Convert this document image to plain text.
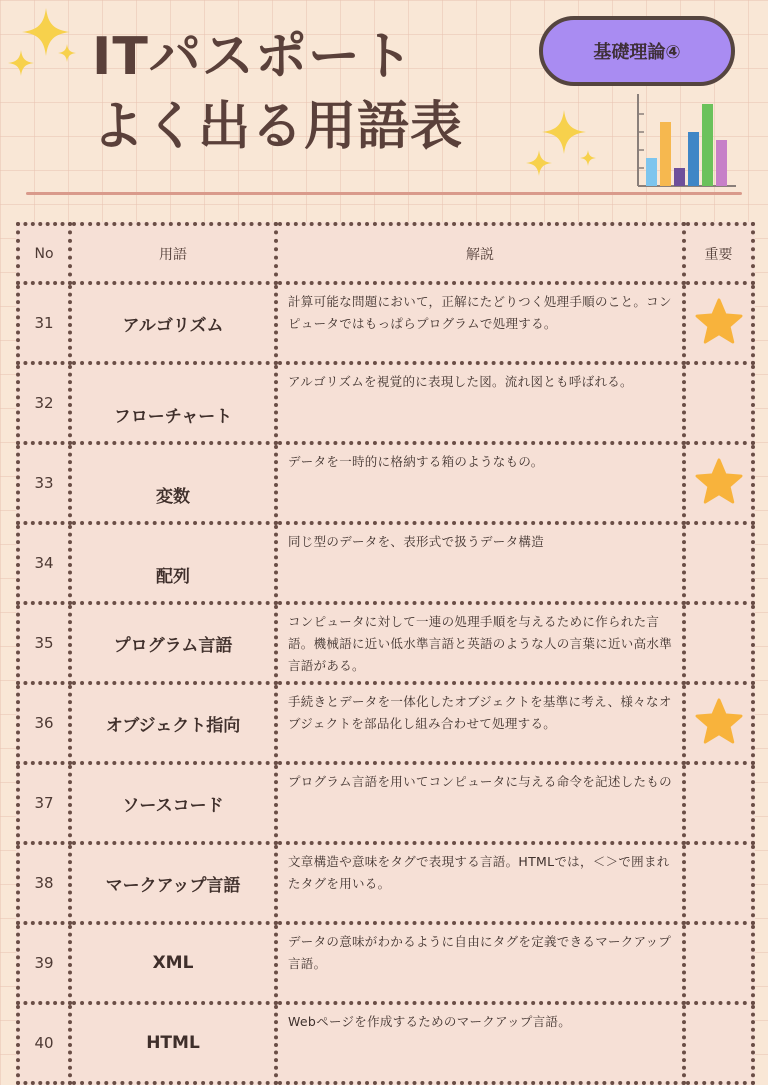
ITパスポート
よく出る用語表
基礎理論④
No	用語	解説	重要
31	アルゴリズム	計算可能な問題において，正解にたどりつく処理手順のこと。コンピュータではもっぱらプログラムで処理する。	
32	フローチャート	アルゴリズムを視覚的に表現した図。流れ図とも呼ばれる。	
33	変数	データを一時的に格納する箱のようなもの。	
34	配列	同じ型のデータを、表形式で扱うデータ構造	
35	プログラム言語	コンピュータに対して一連の処理手順を与えるために作られた言語。機械語に近い低水準言語と英語のような人の言葉に近い高水準言語がある。	
36	オブジェクト指向	手続きとデータを一体化したオブジェクトを基準に考え、様々なオブジェクトを部品化し組み合わせて処理する。	
37	ソースコード	プログラム言語を用いてコンピュータに与える命令を記述したもの	
38	マークアップ言語	文章構造や意味をタグで表現する言語。HTMLでは，＜＞で囲まれたタグを用いる。	
39	XML	データの意味がわかるように自由にタグを定義できるマークアップ言語。	
40	HTML	Webページを作成するためのマークアップ言語。	
